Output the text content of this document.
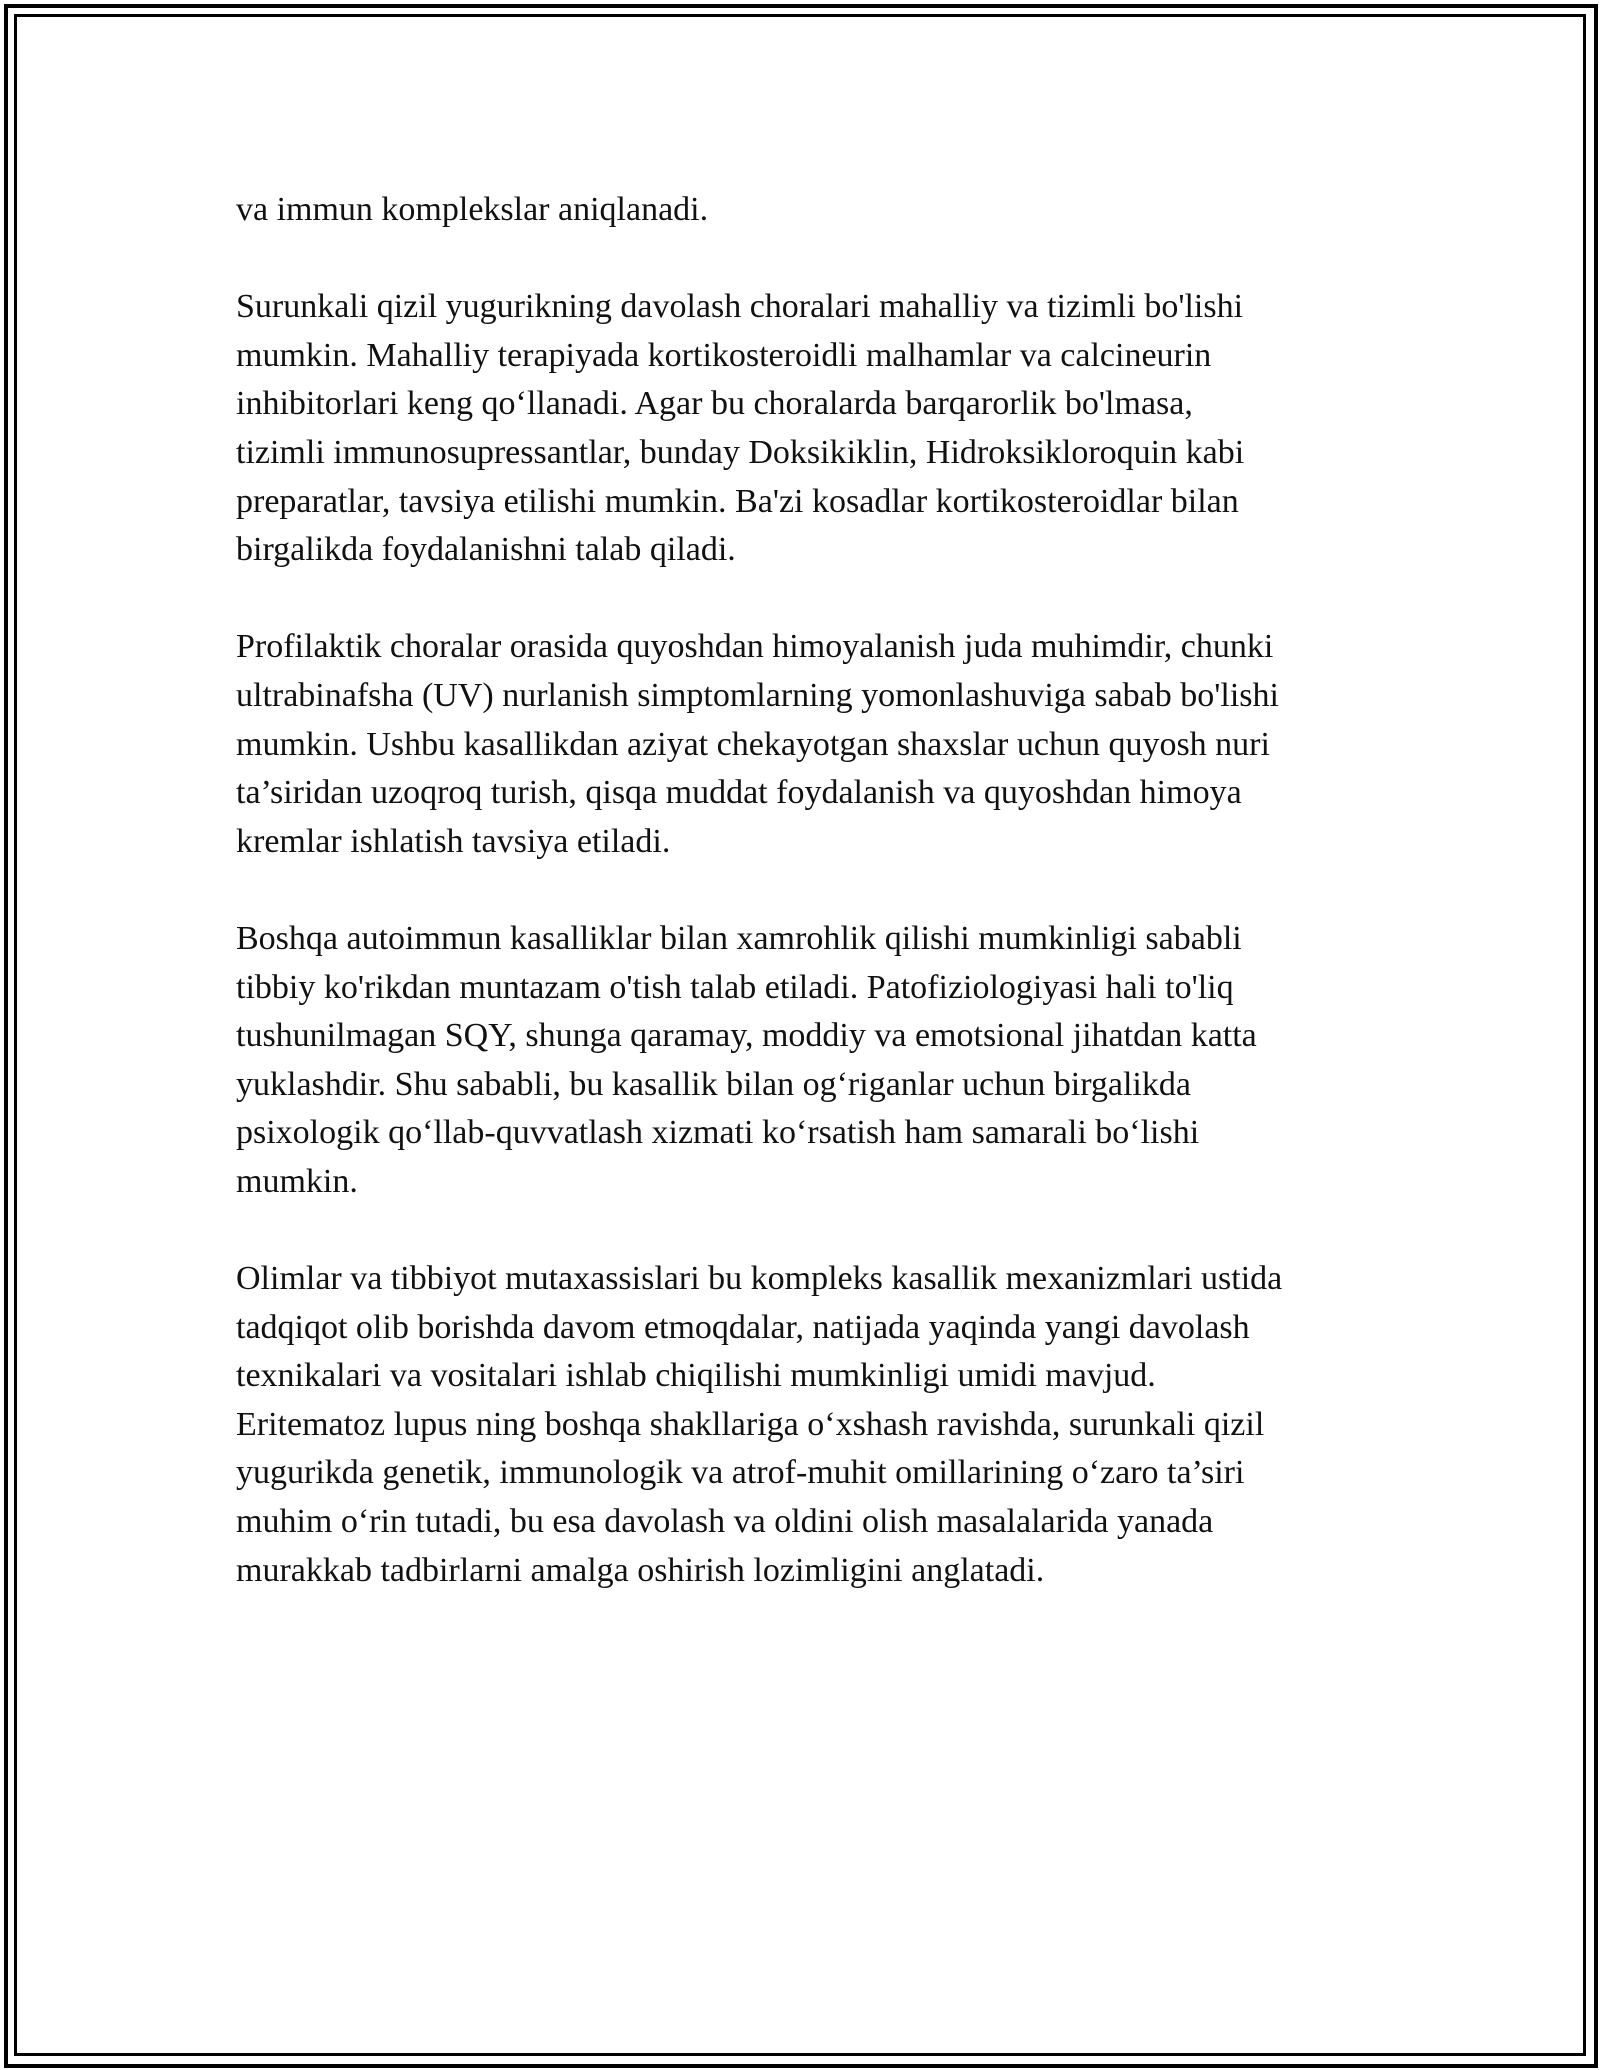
va immun komplekslar aniqlanadi.

Surunkali qizil yugurikning davolash choralari mahalliy va tizimli bo'lishi
mumkin. Mahalliy terapiyada kortikosteroidli malhamlar va calcineurin
inhibitorlari keng qo‘llanadi. Agar bu choralarda barqarorlik bo'lmasa,
tizimli immunosupressantlar, bunday Doksikiklin, Hidroksikloroquin kabi
preparatlar, tavsiya etilishi mumkin. Ba'zi kosadlar kortikosteroidlar bilan
birgalikda foydalanishni talab qiladi.

Profilaktik choralar orasida quyoshdan himoyalanish juda muhimdir, chunki
ultrabinafsha (UV) nurlanish simptomlarning yomonlashuviga sabab bo'lishi
mumkin. Ushbu kasallikdan aziyat chekayotgan shaxslar uchun quyosh nuri
ta’siridan uzoqroq turish, qisqa muddat foydalanish va quyoshdan himoya
kremlar ishlatish tavsiya etiladi.

Boshqa autoimmun kasalliklar bilan xamrohlik qilishi mumkinligi sababli
tibbiy ko'rikdan muntazam o'tish talab etiladi. Patofiziologiyasi hali to'liq
tushunilmagan SQY, shunga qaramay, moddiy va emotsional jihatdan katta
yuklashdir. Shu sababli, bu kasallik bilan og‘riganlar uchun birgalikda
psixologik qo‘llab-quvvatlash xizmati ko‘rsatish ham samarali bo‘lishi
mumkin.

Olimlar va tibbiyot mutaxassislari bu kompleks kasallik mexanizmlari ustida
tadqiqot olib borishda davom etmoqdalar, natijada yaqinda yangi davolash
texnikalari va vositalari ishlab chiqilishi mumkinligi umidi mavjud.
Eritematoz lupus ning boshqa shakllariga o‘xshash ravishda, surunkali qizil
yugurikda genetik, immunologik va atrof-muhit omillarining o‘zaro ta’siri
muhim o‘rin tutadi, bu esa davolash va oldini olish masalalarida yanada
murakkab tadbirlarni amalga oshirish lozimligini anglatadi.
